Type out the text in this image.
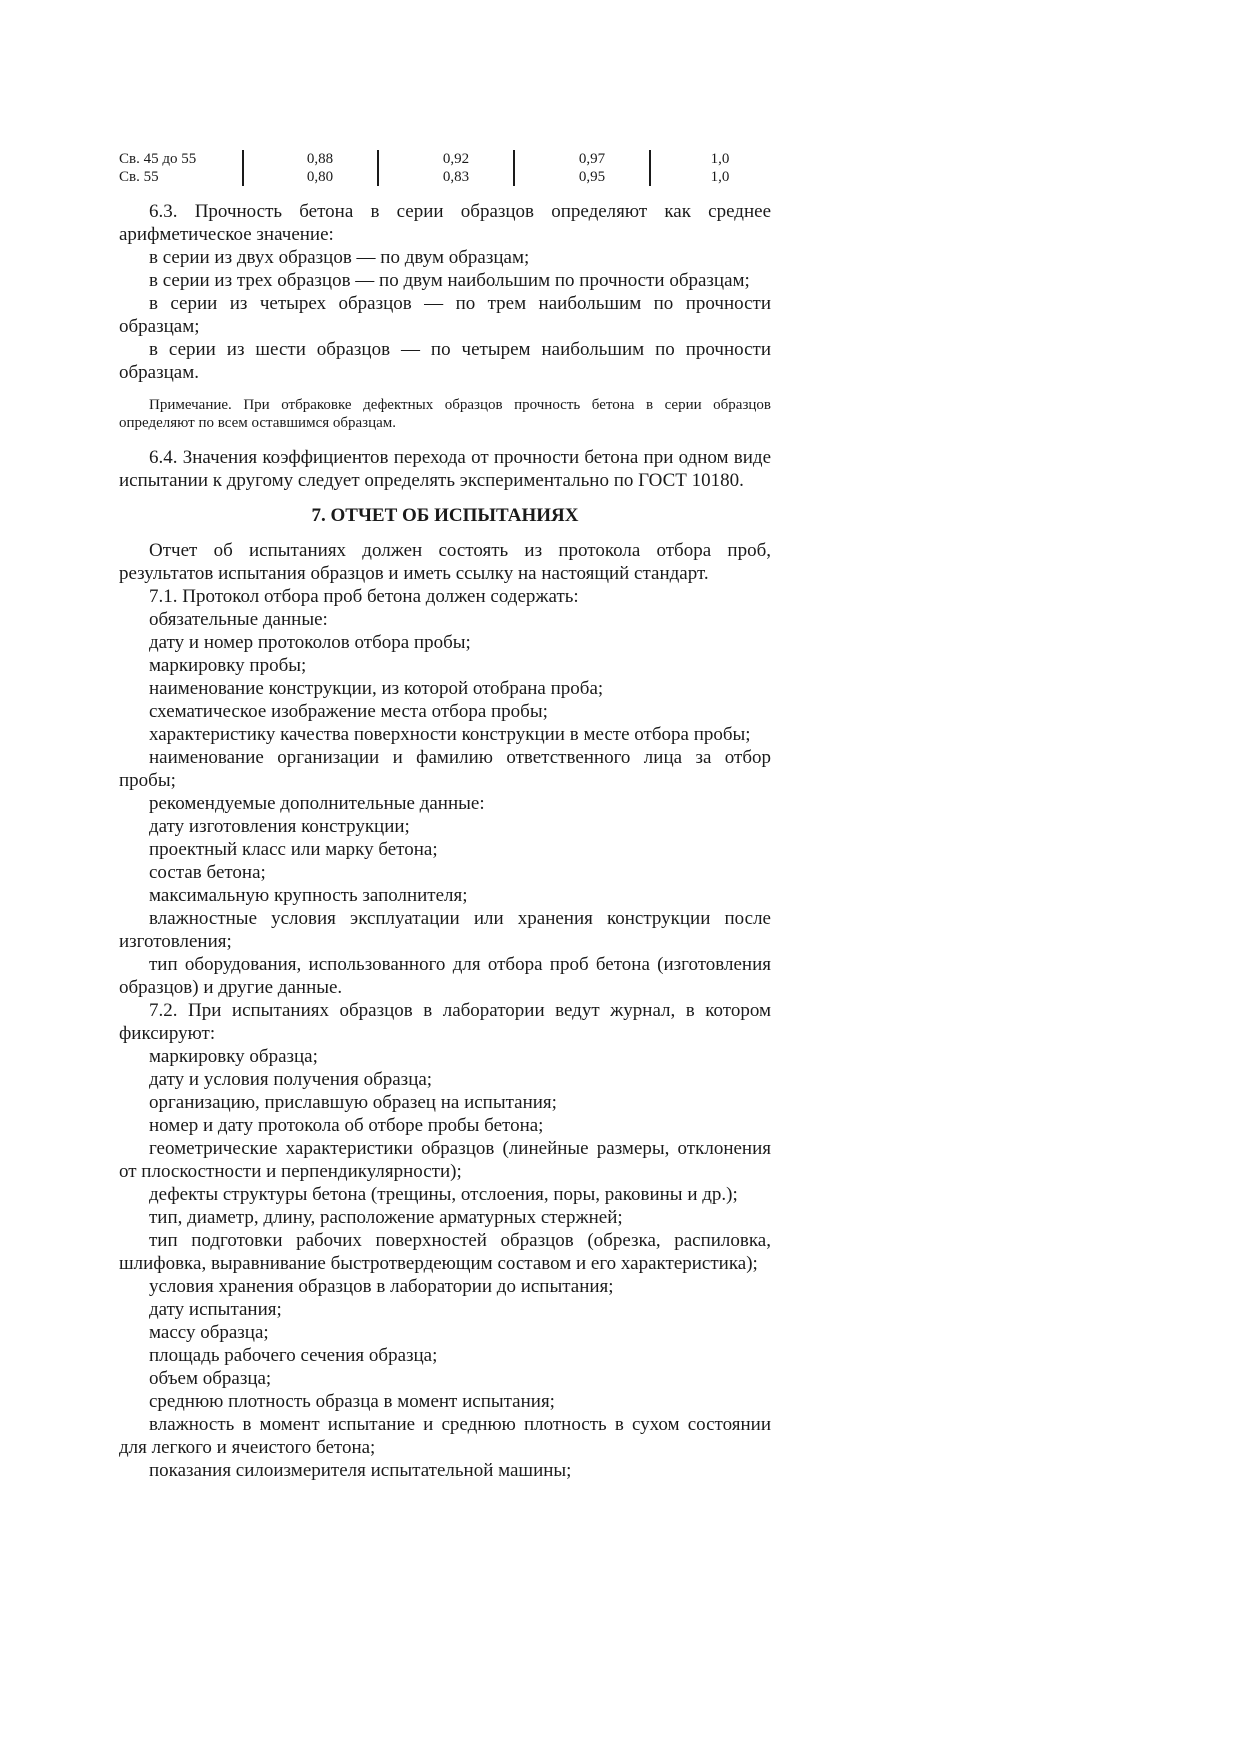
Св. 45 до 55	0,88	0,92	0,97	1,0
Св. 55	0,80	0,83	0,95	1,0

6.3. Прочность бетона в серии образцов определяют как среднее арифметическое значение:

в серии из двух образцов — по двум образцам;

в серии из трех образцов — по двум наибольшим по прочности образцам;

в серии из четырех образцов — по трем наибольшим по прочности образцам;

в серии из шести образцов — по четырем наибольшим по прочности образцам.

Примечание. При отбраковке дефектных образцов прочность бетона в серии образцов определяют по всем оставшимся образцам.

6.4. Значения коэффициентов перехода от прочности бетона при одном виде испытании к другому следует определять экспериментально по ГОСТ 10180.

7. ОТЧЕТ ОБ ИСПЫТАНИЯХ

Отчет об испытаниях должен состоять из протокола отбора проб, результатов испытания образцов и иметь ссылку на настоящий стандарт.

7.1. Протокол отбора проб бетона должен содержать:

обязательные данные:

дату и номер протоколов отбора пробы;

маркировку пробы;

наименование конструкции, из которой отобрана проба;

схематическое изображение места отбора пробы;

характеристику качества поверхности конструкции в месте отбора пробы;

наименование организации и фамилию ответственного лица за отбор пробы;

рекомендуемые дополнительные данные:

дату изготовления конструкции;

проектный класс или марку бетона;

состав бетона;

максимальную крупность заполнителя;

влажностные условия эксплуатации или хранения конструкции после изготовления;

тип оборудования, использованного для отбора проб бетона (изготовления образцов) и другие данные.

7.2. При испытаниях образцов в лаборатории ведут журнал, в котором фиксируют:

маркировку образца;

дату и условия получения образца;

организацию, приславшую образец на испытания;

номер и дату протокола об отборе пробы бетона;

геометрические характеристики образцов (линейные размеры, отклонения от плоскостности и перпендикулярности);

дефекты структуры бетона (трещины, отслоения, поры, раковины и др.);

тип, диаметр, длину, расположение арматурных стержней;

тип подготовки рабочих поверхностей образцов (обрезка, распиловка, шлифовка, выравнивание быстротвердеющим составом и его характеристика);

условия хранения образцов в лаборатории до испытания;

дату испытания;

массу образца;

площадь рабочего сечения образца;

объем образца;

среднюю плотность образца в момент испытания;

влажность в момент испытание и среднюю плотность в сухом состоянии для легкого и ячеистого бетона;

показания силоизмерителя испытательной машины;
